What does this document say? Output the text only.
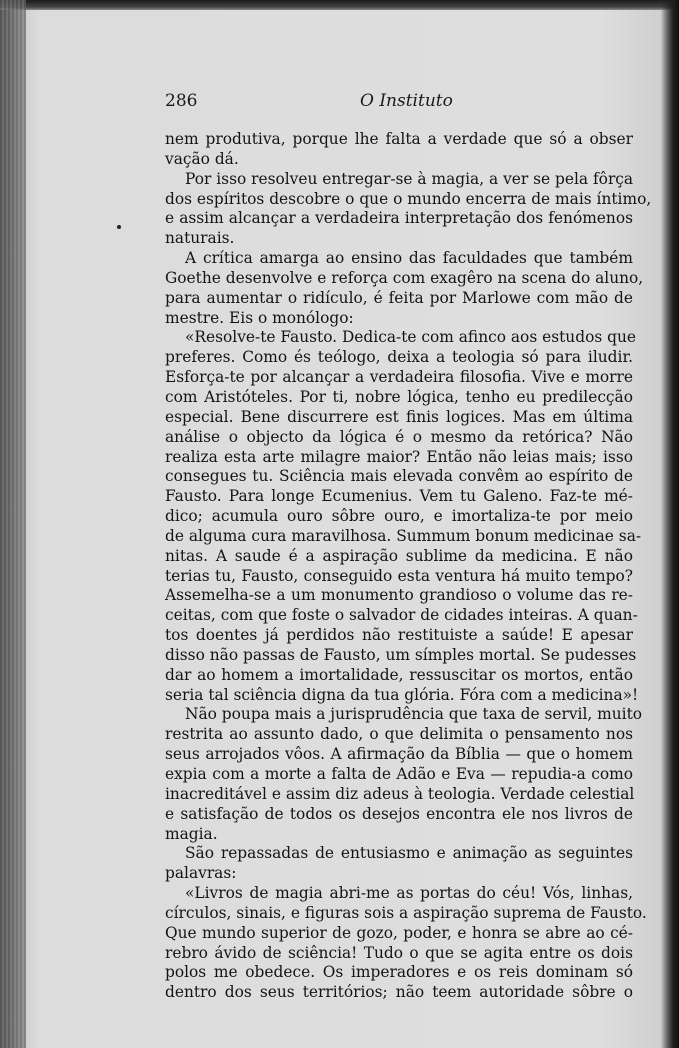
286	O Instituto
nem produtiva, porque lhe falta a verdade que só a obser
vação dá.
Por isso resolveu entregar-se à magia, a ver se pela fôrça
dos espíritos descobre o que o mundo encerra de mais íntimo,
e assim alcançar a verdadeira interpretação dos fenómenos
naturais.
A crítica amarga ao ensino das faculdades que também
Goethe desenvolve e reforça com exagêro na scena do aluno,
para aumentar o ridículo, é feita por Marlowe com mão de
mestre. Eis o monólogo:
«Resolve-te Fausto. Dedica-te com afinco aos estudos que
preferes. Como és teólogo, deixa a teologia só para iludir.
Esforça-te por alcançar a verdadeira filosofia. Vive e morre
com Aristóteles. Por ti, nobre lógica, tenho eu predilecção
especial. Bene discurrere est finis logices. Mas em última
análise o objecto da lógica é o mesmo da retórica? Não
realiza esta arte milagre maior? Então não leias mais; isso
consegues tu. Sciência mais elevada convêm ao espírito de
Fausto. Para longe Ecumenius. Vem tu Galeno. Faz-te mé-
dico; acumula ouro sôbre ouro, e imortaliza-te por meio
de alguma cura maravilhosa. Summum bonum medicinae sa-
nitas. A saude é a aspiração sublime da medicina. E não
terias tu, Fausto, conseguido esta ventura há muito tempo?
Assemelha-se a um monumento grandioso o volume das re-
ceitas, com que foste o salvador de cidades inteiras. A quan-
tos doentes já perdidos não restituiste a saúde! E apesar
disso não passas de Fausto, um símples mortal. Se pudesses
dar ao homem a imortalidade, ressuscitar os mortos, então
seria tal sciência digna da tua glória. Fóra com a medicina»!
Não poupa mais a jurisprudência que taxa de servil, muito
restrita ao assunto dado, o que delimita o pensamento nos
seus arrojados vôos. A afirmação da Bíblia — que o homem
expia com a morte a falta de Adão e Eva — repudia-a como
inacreditável e assim diz adeus à teologia. Verdade celestial
e satisfação de todos os desejos encontra ele nos livros de
magia.
São repassadas de entusiasmo e animação as seguintes
palavras:
«Livros de magia abri-me as portas do céu! Vós, linhas,
círculos, sinais, e figuras sois a aspiração suprema de Fausto.
Que mundo superior de gozo, poder, e honra se abre ao cé-
rebro ávido de sciência! Tudo o que se agita entre os dois
polos me obedece. Os imperadores e os reis dominam só
dentro dos seus territórios; não teem autoridade sôbre o
